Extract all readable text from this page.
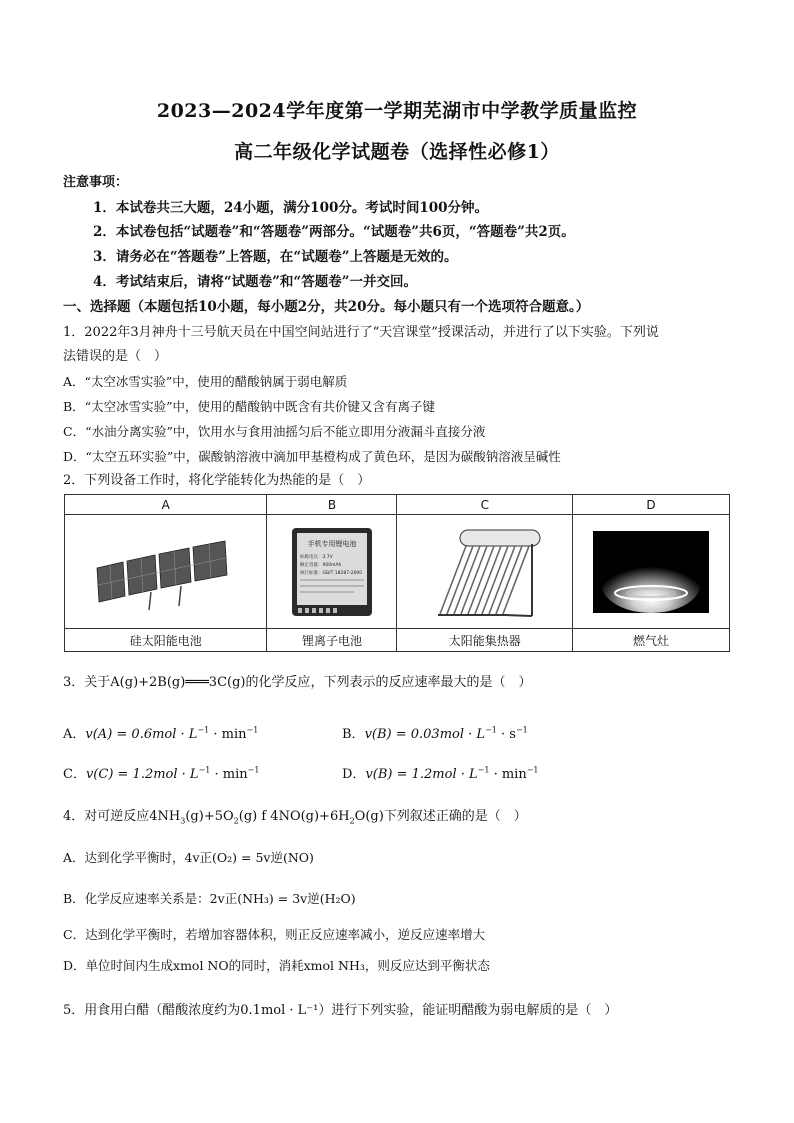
2023—2024学年度第一学期芜湖市中学教学质量监控
高二年级化学试题卷（选择性必修1）
注意事项：
1．本试卷共三大题，24小题，满分100分。考试时间100分钟。
2．本试卷包括“试题卷”和“答题卷”两部分。“试题卷”共6页，“答题卷”共2页。
3．请务必在“答题卷”上答题，在“试题卷”上答题是无效的。
4．考试结束后，请将“试题卷”和“答题卷”一并交回。
一、选择题（本题包括10小题，每小题2分，共20分。每小题只有一个选项符合题意。）
1．2022年3月神舟十三号航天员在中国空间站进行了“天宫课堂”授课活动，并进行了以下实验。下列说
法错误的是（　）
A．“太空冰雪实验”中，使用的醋酸钠属于弱电解质
B．“太空冰雪实验”中，使用的醋酸钠中既含有共价键又含有离子键
C．“水油分离实验”中，饮用水与食用油摇匀后不能立即用分液漏斗直接分液
D．“太空五环实验”中，碳酸钠溶液中滴加甲基橙构成了黄色环，是因为碳酸钠溶液呈碱性
2．下列设备工作时，将化学能转化为热能的是（　）
A	B	C	D

手机专用锂电池
标称电压：3.7V
额定容量：900mAh
执行标准：GB/T 18287-2000

硅太阳能电池	锂离子电池	太阳能集热器	燃气灶
3．关于A(g)+2B(g)═══3C(g)的化学反应，下列表示的反应速率最大的是（　）
A．$v(A) = 0.6mol \cdot L^{-1} \cdot \min^{-1}$	B．$v(B) = 0.03mol \cdot L^{-1} \cdot s^{-1}$
C．$v(C) = 1.2mol \cdot L^{-1} \cdot \min^{-1}$	D．$v(B) = 1.2mol \cdot L^{-1} \cdot \min^{-1}$
4．对可逆反应$4NH_3(g)+5O_2(g)$ f $4NO(g)+6H_2O(g)$下列叙述正确的是（　）
A．达到化学平衡时，4v正(O₂) = 5v逆(NO)
B．化学反应速率关系是：2v正(NH₃) = 3v逆(H₂O)
C．达到化学平衡时，若增加容器体积，则正反应速率减小，逆反应速率增大
D．单位时间内生成xmol NO的同时，消耗xmol NH₃，则反应达到平衡状态
5．用食用白醋（醋酸浓度约为0.1mol · L⁻¹）进行下列实验，能证明醋酸为弱电解质的是（　）
